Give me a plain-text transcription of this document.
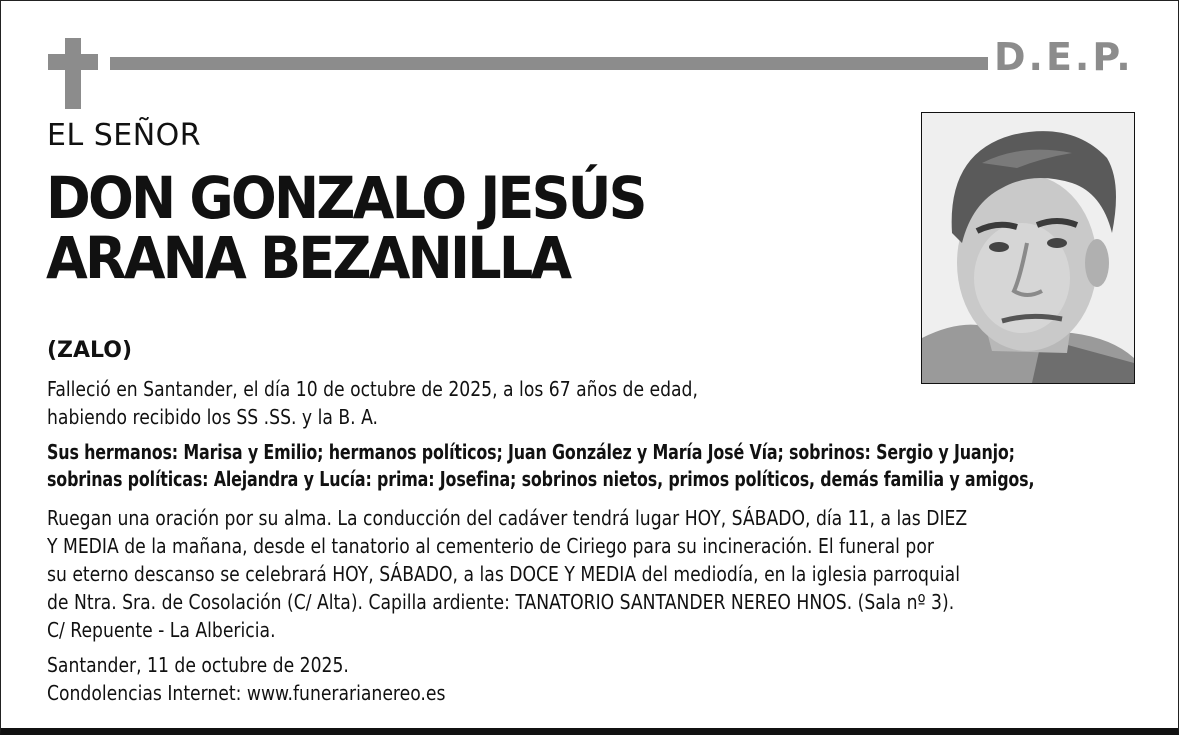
D.E.P.
EL SEÑOR
DON GONZALO JESÚS
ARANA BEZANILLA
(ZALO)
Falleció en Santander, el día 10 de octubre de 2025, a los 67 años de edad,
habiendo recibido los SS .SS. y la B. A.
Sus hermanos: Marisa y Emilio; hermanos políticos; Juan González y María José Vía; sobrinos: Sergio y Juanjo;
sobrinas políticas: Alejandra y Lucía: prima: Josefina; sobrinos nietos, primos políticos, demás familia y amigos,
Ruegan una oración por su alma. La conducción del cadáver tendrá lugar HOY, SÁBADO, día 11, a las DIEZ
Y MEDIA de la mañana, desde el tanatorio al cementerio de Ciriego para su incineración. El funeral por
su eterno descanso se celebrará HOY, SÁBADO, a las DOCE Y MEDIA del mediodía, en la iglesia parroquial
de Ntra. Sra. de Cosolación (C/ Alta). Capilla ardiente: TANATORIO SANTANDER NEREO HNOS. (Sala nº 3).
C/ Repuente - La Albericia.
Santander, 11 de octubre de 2025.
Condolencias Internet: www.funerarianereo.es
